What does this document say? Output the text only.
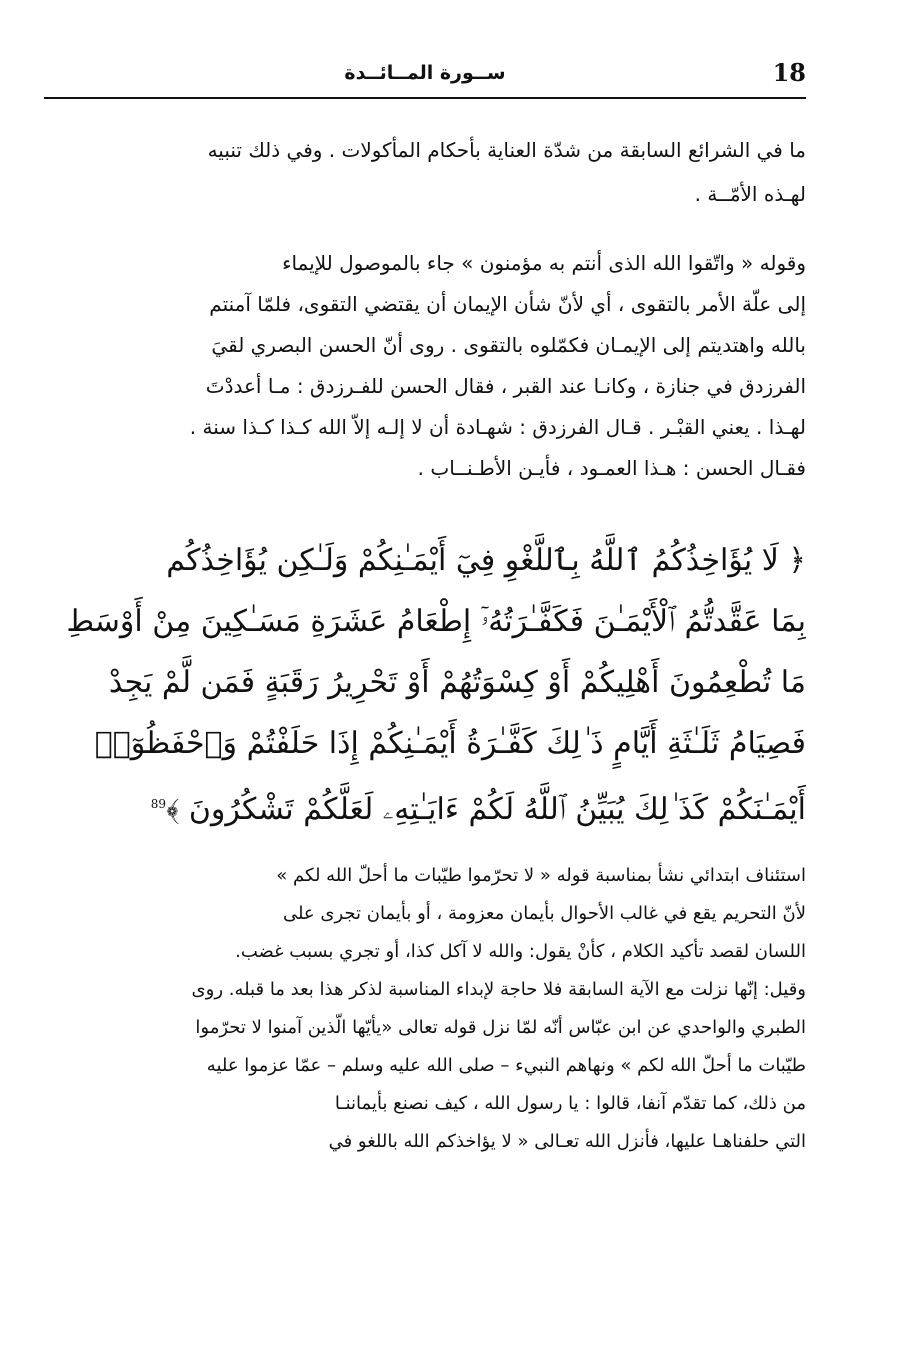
18
ســورة المــائــدة
ما في الشرائع السابقة من شدّة العناية بأحكام المأكولات . وفي ذلك تنبيه
لهـذه الأمّــة .
وقوله « واتّقوا الله الذى أنتم به مؤمنون » جاء بالموصول للإيماء
إلى علّة الأمر بالتقوى ، أي لأنّ شأن الإيمان أن يقتضي التقوى، فلمّا آمنتم
بالله واهتديتم إلى الإيمـان فكمّلوه بالتقوى . روى أنّ الحسن البصري لقيَ
الفرزدق في جنازة ، وكانـا عند القبر ، فقال الحسن للفـرزدق : مـا أعددْتَ
لهـذا . يعني القبْـر . قـال الفرزدق : شهـادة أن لا إلـه إلاّ الله كـذا كـذا سنة .
فقـال الحسن : هـذا العمـود ، فأيـن الأطـنــاب .
﴿ لَا يُؤَاخِذُكُمُ ٱللَّهُ بِٱللَّغْوِ فِيٓ أَيْمَـٰنِكُمْ وَلَـٰكِن يُؤَاخِذُكُم
بِمَا عَقَّدتُّمُ ٱلْأَيْمَـٰنَ فَكَفَّـٰرَتُهُۥٓ إِطْعَامُ عَشَرَةِ مَسَـٰكِينَ مِنْ أَوْسَطِ
مَا تُطْعِمُونَ أَهْلِيكُمْ أَوْ كِسْوَتُهُمْ أَوْ تَحْرِيرُ رَقَبَةٍ فَمَن لَّمْ يَجِدْ
فَصِيَامُ ثَلَـٰثَةِ أَيَّامٍ ذَ ٰلِكَ كَفَّـٰرَةُ أَيْمَـٰنِكُمْ إِذَا حَلَفْتُمْ وَٱحْفَظُوٓا۟
أَيْمَـٰنَكُمْ كَذَ ٰلِكَ يُبَيِّنُ ٱللَّهُ لَكُمْ ءَايَـٰتِهِۦ لَعَلَّكُمْ تَشْكُرُونَ ﴾89
استئناف ابتدائي نشأ بمناسبة قوله « لا تحرّموا طيّبات ما أحلّ الله لكم »
لأنّ التحريم يقع في غالب الأحوال بأيمان معزومة ، أو بأيمان تجرى على
اللسان لقصد تأكيد الكلام ، كأنْ يقول: والله لا آكل كذا، أو تجري بسبب غضب.
وقيل: إنّها نزلت مع الآية السابقة فلا حاجة لإبداء المناسبة لذكر هذا بعد ما قبله. روى
الطبري والواحدي عن ابن عبّاس أنّه لمّا نزل قوله تعالى «يأيّها الّذين آمنوا لا تحرّموا
طيّبات ما أحلّ الله لكم » ونهاهم النبيء – صلى الله عليه وسلم – عمّا عزموا عليه
من ذلك، كما تقدّم آنفا، قالوا : يا رسول الله ، كيف نصنع بأيماننـا
التي حلفناهـا عليها، فأنزل الله تعـالى « لا يؤاخذكم الله باللغو في
